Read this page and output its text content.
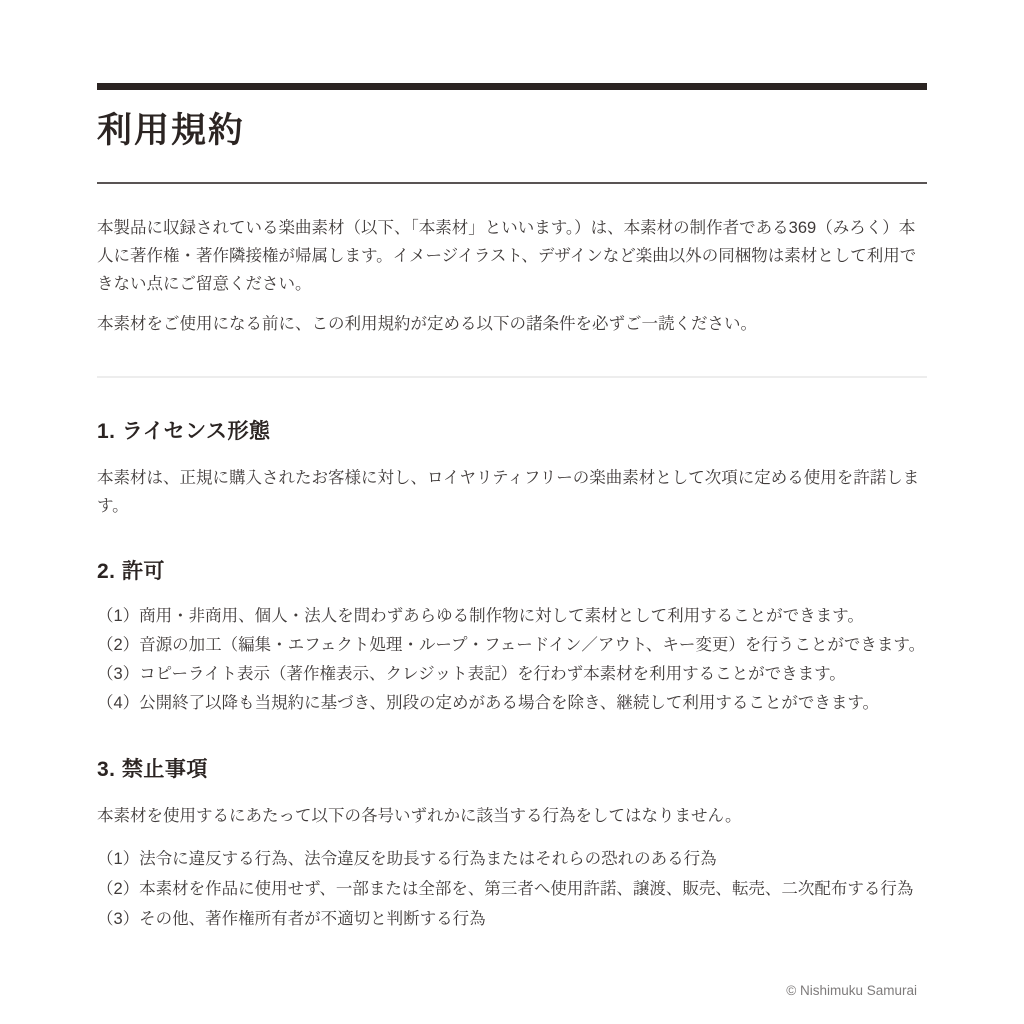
利用規約

本製品に収録されている楽曲素材（以下、「本素材」といいます。）は、本素材の制作者である369（みろく）本人に著作権・著作隣接権が帰属します。イメージイラスト、デザインなど楽曲以外の同梱物は素材として利用できない点にご留意ください。

本素材をご使用になる前に、この利用規約が定める以下の諸条件を必ずご一読ください。

1. ライセンス形態

本素材は、正規に購入されたお客様に対し、ロイヤリティフリーの楽曲素材として次項に定める使用を許諾します。

2. 許可
（1）商用・非商用、個人・法人を問わずあらゆる制作物に対して素材として利用することができます。
（2）音源の加工（編集・エフェクト処理・ループ・フェードイン／アウト、キー変更）を行うことができます。
（3）コピーライト表示（著作権表示、クレジット表記）を行わず本素材を利用することができます。
（4）公開終了以降も当規約に基づき、別段の定めがある場合を除き、継続して利用することができます。
3. 禁止事項

本素材を使用するにあたって以下の各号いずれかに該当する行為をしてはなりません。

（1）法令に違反する行為、法令違反を助長する行為またはそれらの恐れのある行為
（2）本素材を作品に使用せず、一部または全部を、第三者へ使用許諾、譲渡、販売、転売、二次配布する行為
（3）その他、著作権所有者が不適切と判断する行為
© Nishimuku Samurai
